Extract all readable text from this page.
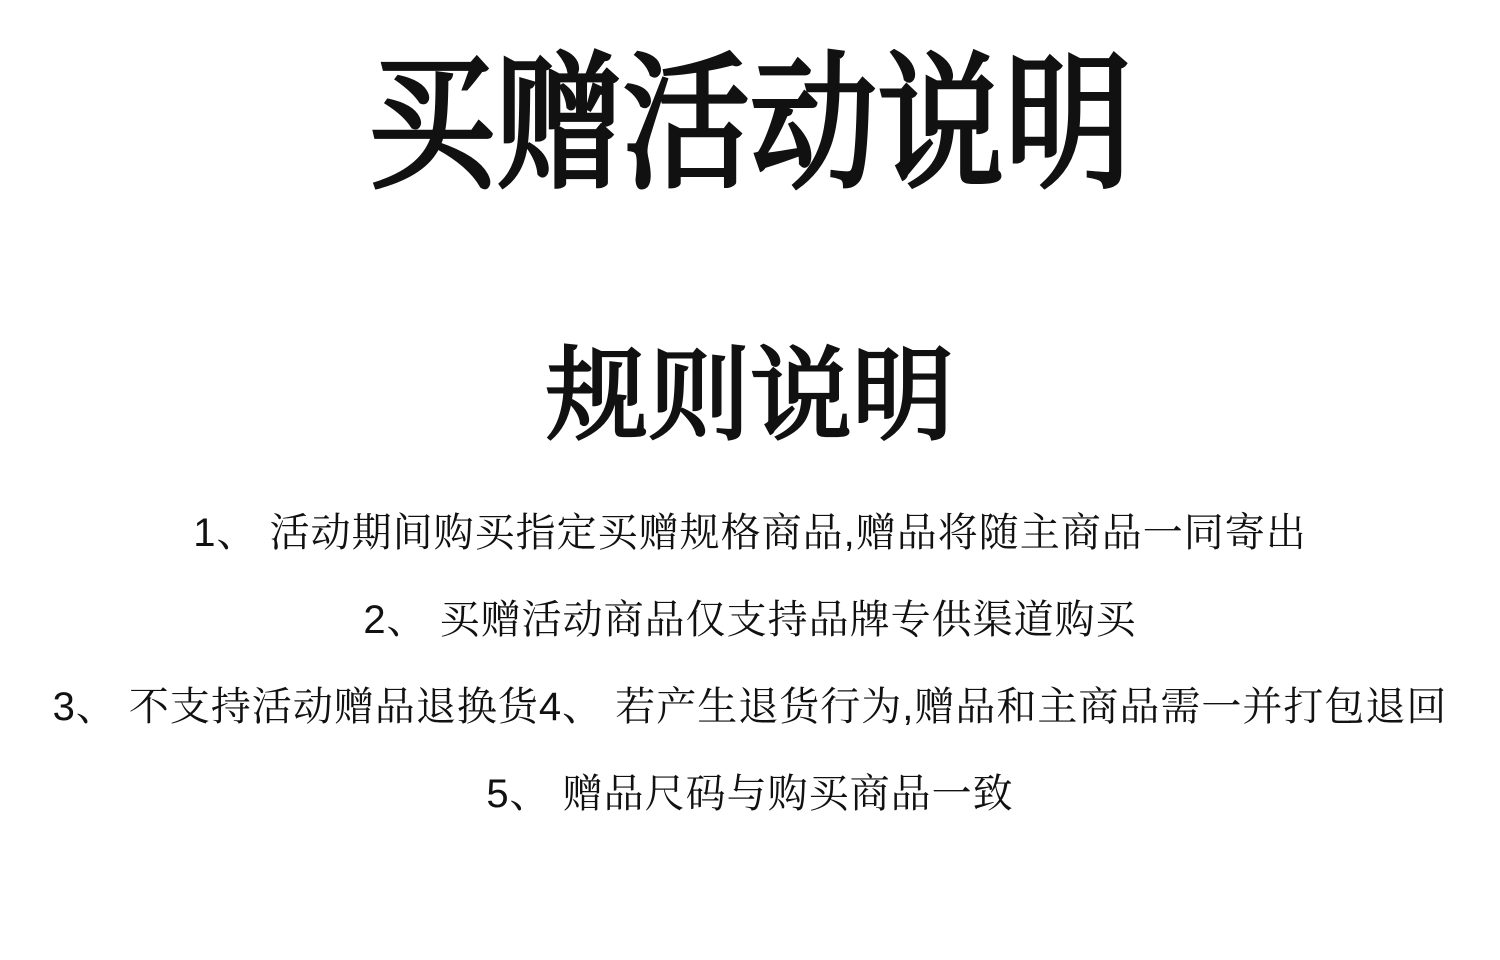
买赠活动说明
规则说明

1、 活动期间购买指定买赠规格商品,赠品将随主商品一同寄出

2、 买赠活动商品仅支持品牌专供渠道购买

3、 不支持活动赠品退换货4、 若产生退货行为,赠品和主商品需一并打包退回

5、 赠品尺码与购买商品一致
